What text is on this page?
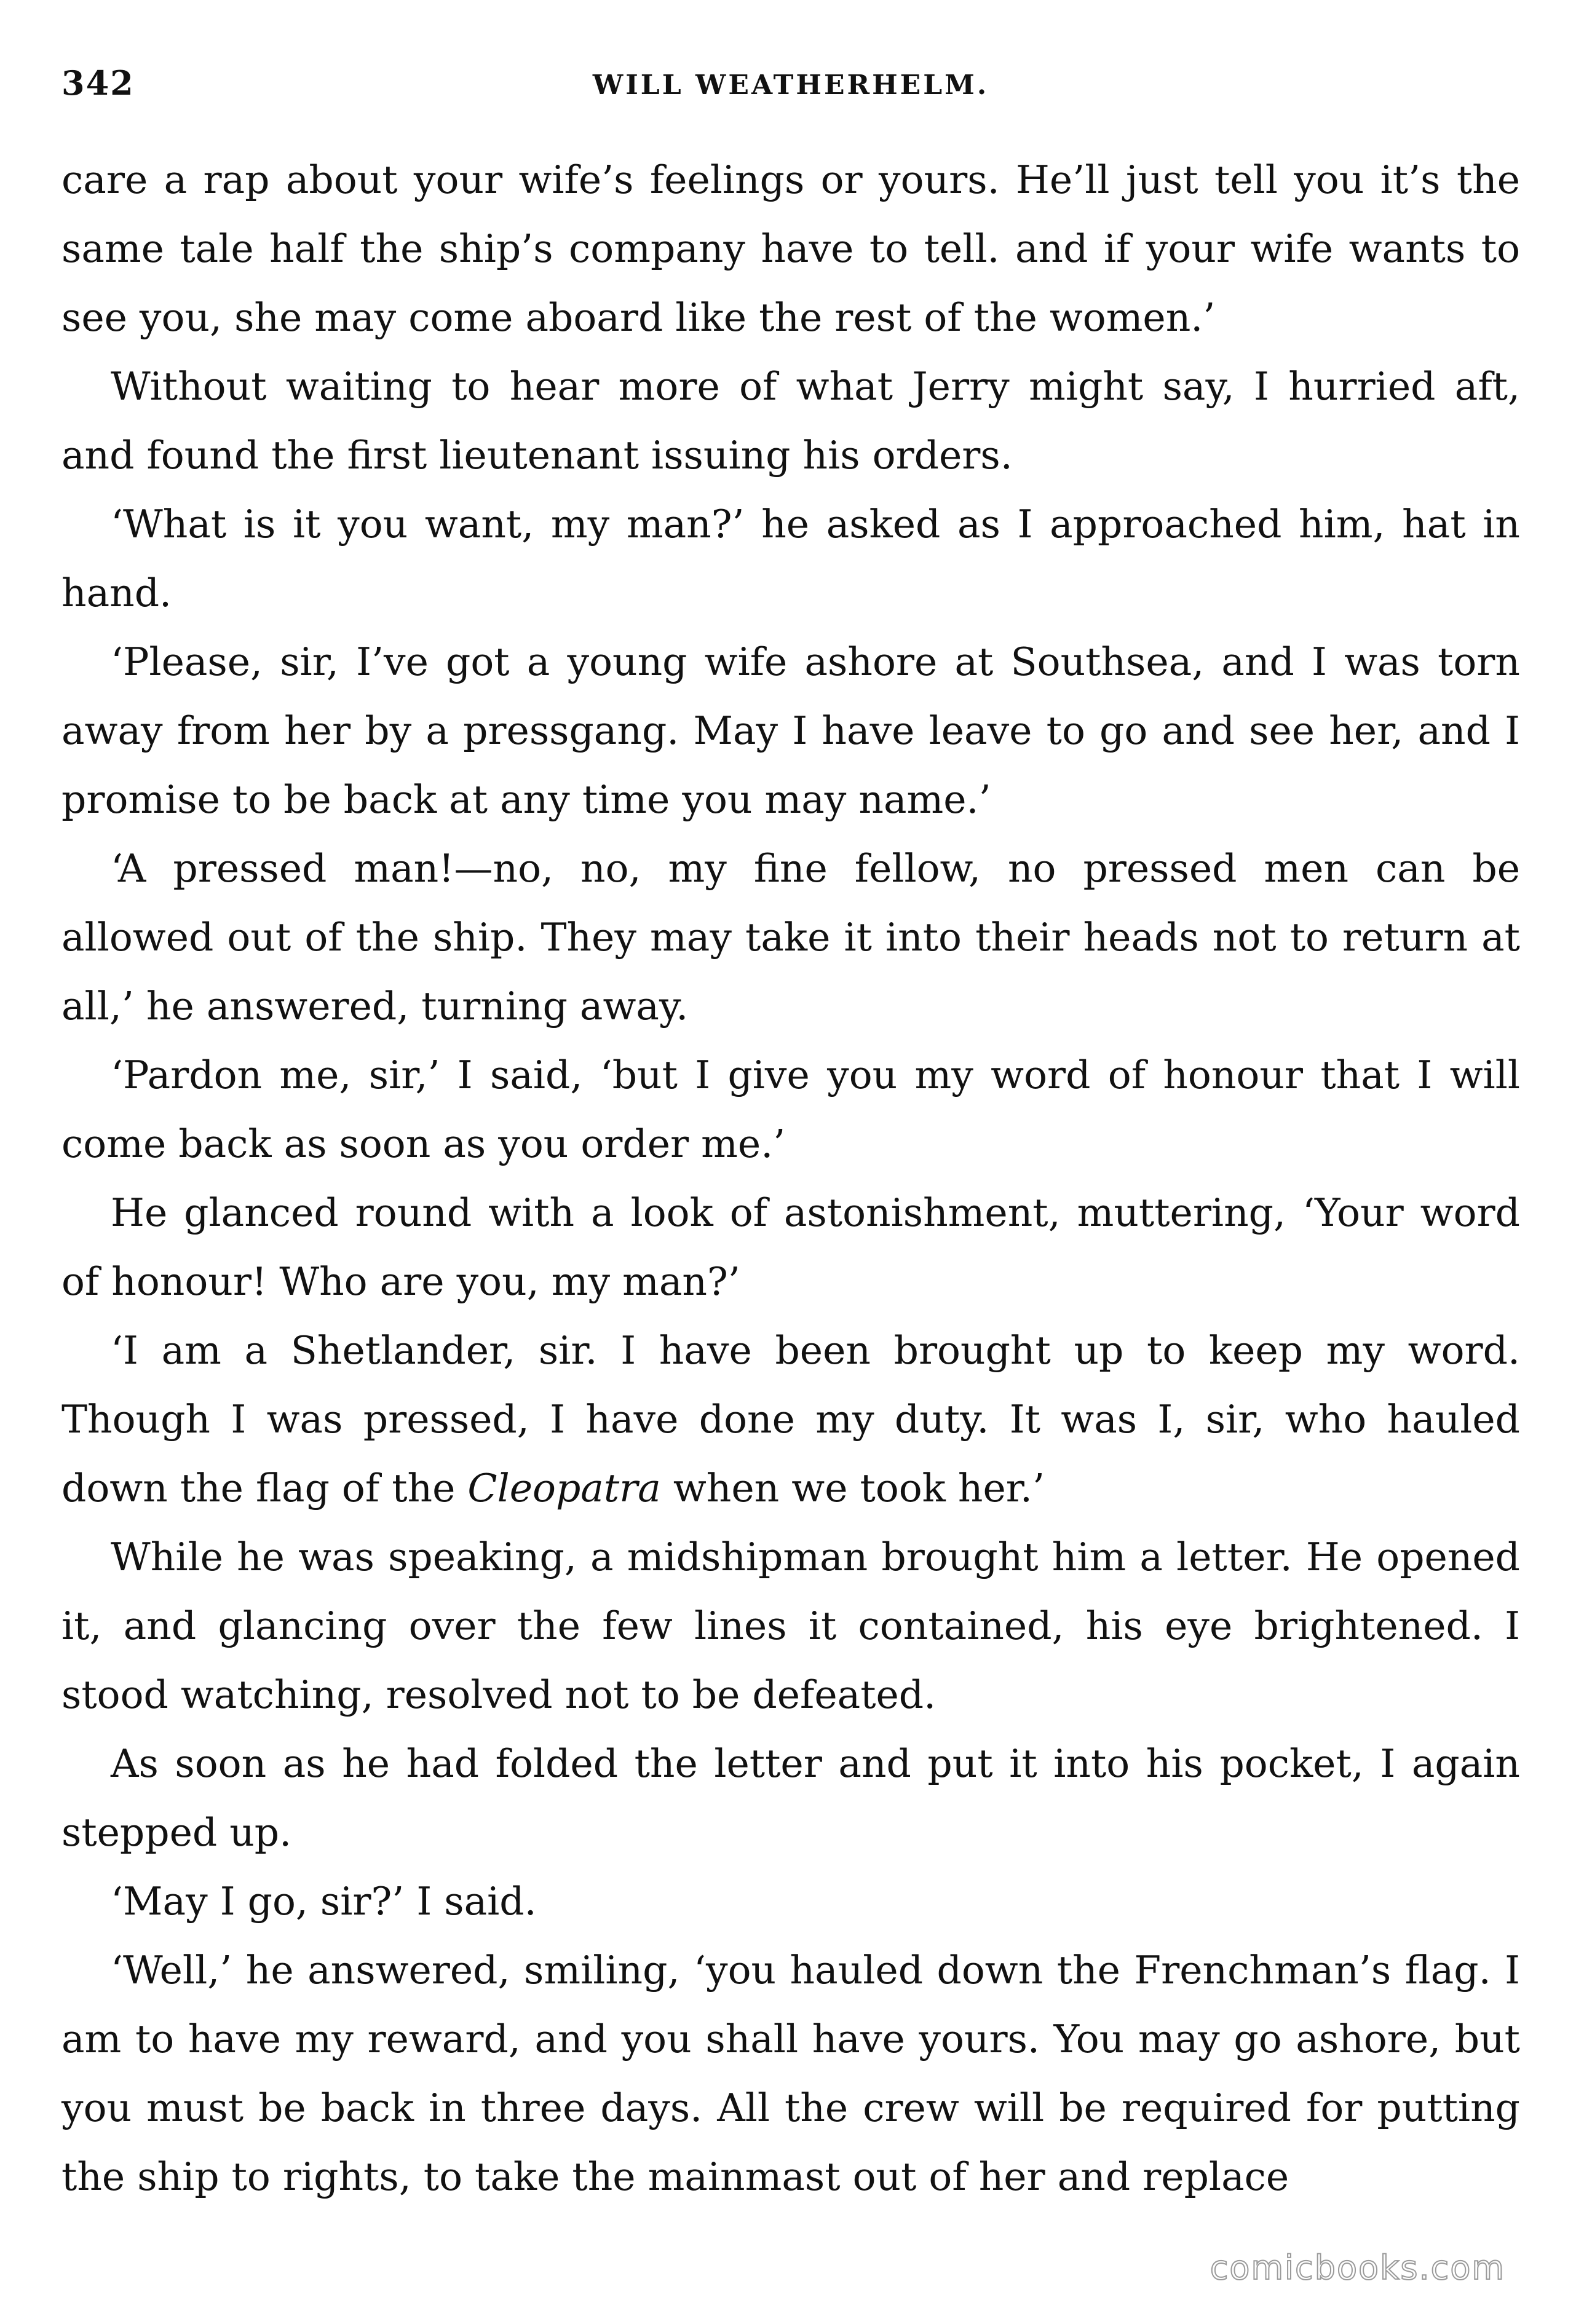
342	WILL WEATHERHELM.

care a rap about your wife’s feelings or yours. He’ll just tell you it’s the same tale half the ship’s company have to tell. and if your wife wants to see you, she may come aboard like the rest of the women.’

Without waiting to hear more of what Jerry might say, I hurried aft, and found the first lieutenant issuing his orders.

‘What is it you want, my man?’ he asked as I approached him, hat in hand.

‘Please, sir, I’ve got a young wife ashore at Southsea, and I was torn away from her by a pressgang. May I have leave to go and see her, and I promise to be back at any time you may name.’

‘A pressed man!—no, no, my fine fellow, no pressed men can be allowed out of the ship. They may take it into their heads not to return at all,’ he answered, turning away.

‘Pardon me, sir,’ I said, ‘but I give you my word of honour that I will come back as soon as you order me.’

He glanced round with a look of astonishment, muttering, ‘Your word of honour! Who are you, my man?’

‘I am a Shetlander, sir. I have been brought up to keep my word. Though I was pressed, I have done my duty. It was I, sir, who hauled down the flag of the Cleopatra when we took her.’

While he was speaking, a midshipman brought him a letter. He opened it, and glancing over the few lines it contained, his eye brightened. I stood watching, resolved not to be defeated.

As soon as he had folded the letter and put it into his pocket, I again stepped up.

‘May I go, sir?’ I said.

‘Well,’ he answered, smiling, ‘you hauled down the Frenchman’s flag. I am to have my reward, and you shall have yours. You may go ashore, but you must be back in three days. All the crew will be required for putting the ship to rights, to take the mainmast out of her and replace

comicbooks.com
